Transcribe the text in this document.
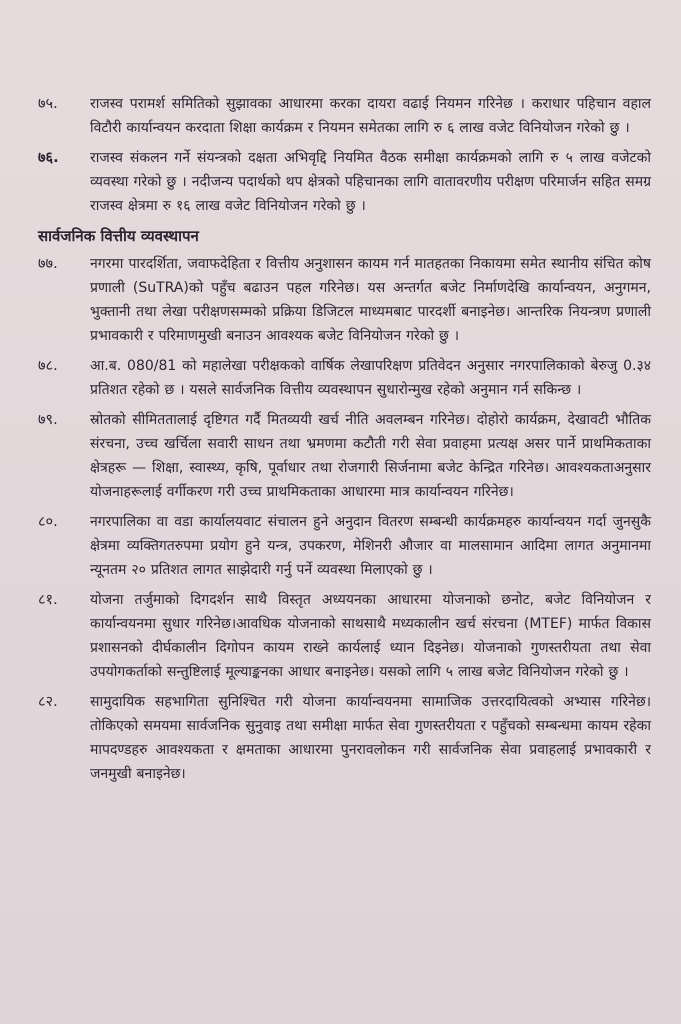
७५.	राजस्व परामर्श समितिको सुझावका आधारमा करका दायरा वढाई नियमन गरिनेछ । कराधार पहिचान वहाल विटौरी कार्यान्वयन करदाता शिक्षा कार्यक्रम र नियमन समेतका लागि रु ६ लाख वजेट विनियोजन गरेको छु ।
७६.	राजस्व संकलन गर्ने संयन्त्रको दक्षता अभिवृद्दि नियमित वैठक समीक्षा कार्यक्रमको लागि रु ५ लाख वजेटको व्यवस्था गरेको छु । नदीजन्य पदार्थको थप क्षेत्रको पहिचानका लागि वातावरणीय परीक्षण परिमार्जन सहित समग्र राजस्व क्षेत्रमा रु १६ लाख वजेट विनियोजन गरेको छु ।
सार्वजनिक वित्तीय व्यवस्थापन
७७.	नगरमा पारदर्शिता, जवाफदेहिता र वित्तीय अनुशासन कायम गर्न मातहतका निकायमा समेत स्थानीय संचित कोष प्रणाली (SuTRA)को पहुँच बढाउन पहल गरिनेछ। यस अन्तर्गत बजेट निर्माणदेखि कार्यान्वयन, अनुगमन, भुक्तानी तथा लेखा परीक्षणसम्मको प्रक्रिया डिजिटल माध्यमबाट पारदर्शी बनाइनेछ। आन्तरिक नियन्त्रण प्रणाली प्रभावकारी र परिमाणमुखी बनाउन आवश्यक बजेट विनियोजन गरेको छु ।
७८.	आ.ब. 080/81 को महालेखा परीक्षकको वार्षिक लेखापरिक्षण प्रतिवेदन अनुसार नगरपालिकाको बेरुजु 0.३४ प्रतिशत रहेको छ । यसले सार्वजनिक वित्तीय व्यवस्थापन सुधारोन्मुख रहेको अनुमान गर्न सकिन्छ ।
७९.	स्रोतको सीमिततालाई दृष्टिगत गर्दै मितव्ययी खर्च नीति अवलम्बन गरिनेछ। दोहोरो कार्यक्रम, देखावटी भौतिक संरचना, उच्च खर्चिला सवारी साधन तथा भ्रमणमा कटौती गरी सेवा प्रवाहमा प्रत्यक्ष असर पार्ने प्राथमिकताका क्षेत्रहरू — शिक्षा, स्वास्थ्य, कृषि, पूर्वाधार तथा रोजगारी सिर्जनामा बजेट केन्द्रित गरिनेछ। आवश्यकताअनुसार योजनाहरूलाई वर्गीकरण गरी उच्च प्राथमिकताका आधारमा मात्र कार्यान्वयन गरिनेछ।
८०.	नगरपालिका वा वडा कार्यालयवाट संचालन हुने अनुदान वितरण सम्बन्धी कार्यक्रमहरु कार्यान्वयन गर्दा जुनसुकै क्षेत्रमा व्यक्तिगतरुपमा प्रयोग हुने यन्त्र, उपकरण, मेशिनरी औजार वा मालसामान आदिमा लागत अनुमानमा न्यूनतम २० प्रतिशत लागत साझेदारी गर्नु पर्ने व्यवस्था मिलाएको छु ।
८१.	योजना तर्जुमाको दिगदर्शन साथै विस्तृत अध्ययनका आधारमा योजनाको छनोट, बजेट विनियोजन र कार्यान्वयनमा सुधार गरिनेछ।आवधिक योजनाको साथसाथै मध्यकालीन खर्च संरचना (MTEF) मार्फत विकास प्रशासनको दीर्घकालीन दिगोपन कायम राख्ने कार्यलाई ध्यान दिइनेछ। योजनाको गुणस्तरीयता तथा सेवा उपयोगकर्ताको सन्तुष्टिलाई मूल्याङ्कनका आधार बनाइनेछ। यसको लागि ५ लाख बजेट विनियोजन गरेको छु ।
८२.	सामुदायिक सहभागिता सुनिश्चित गरी योजना कार्यान्वयनमा सामाजिक उत्तरदायित्वको अभ्यास गरिनेछ।तोकिएको समयमा सार्वजनिक सुनुवाइ तथा समीक्षा मार्फत सेवा गुणस्तरीयता र पहुँचको सम्बन्धमा कायम रहेका मापदण्डहरु आवश्यकता र क्षमताका आधारमा पुनरावलोकन गरी सार्वजनिक सेवा प्रवाहलाई प्रभावकारी र जनमुखी बनाइनेछ।
